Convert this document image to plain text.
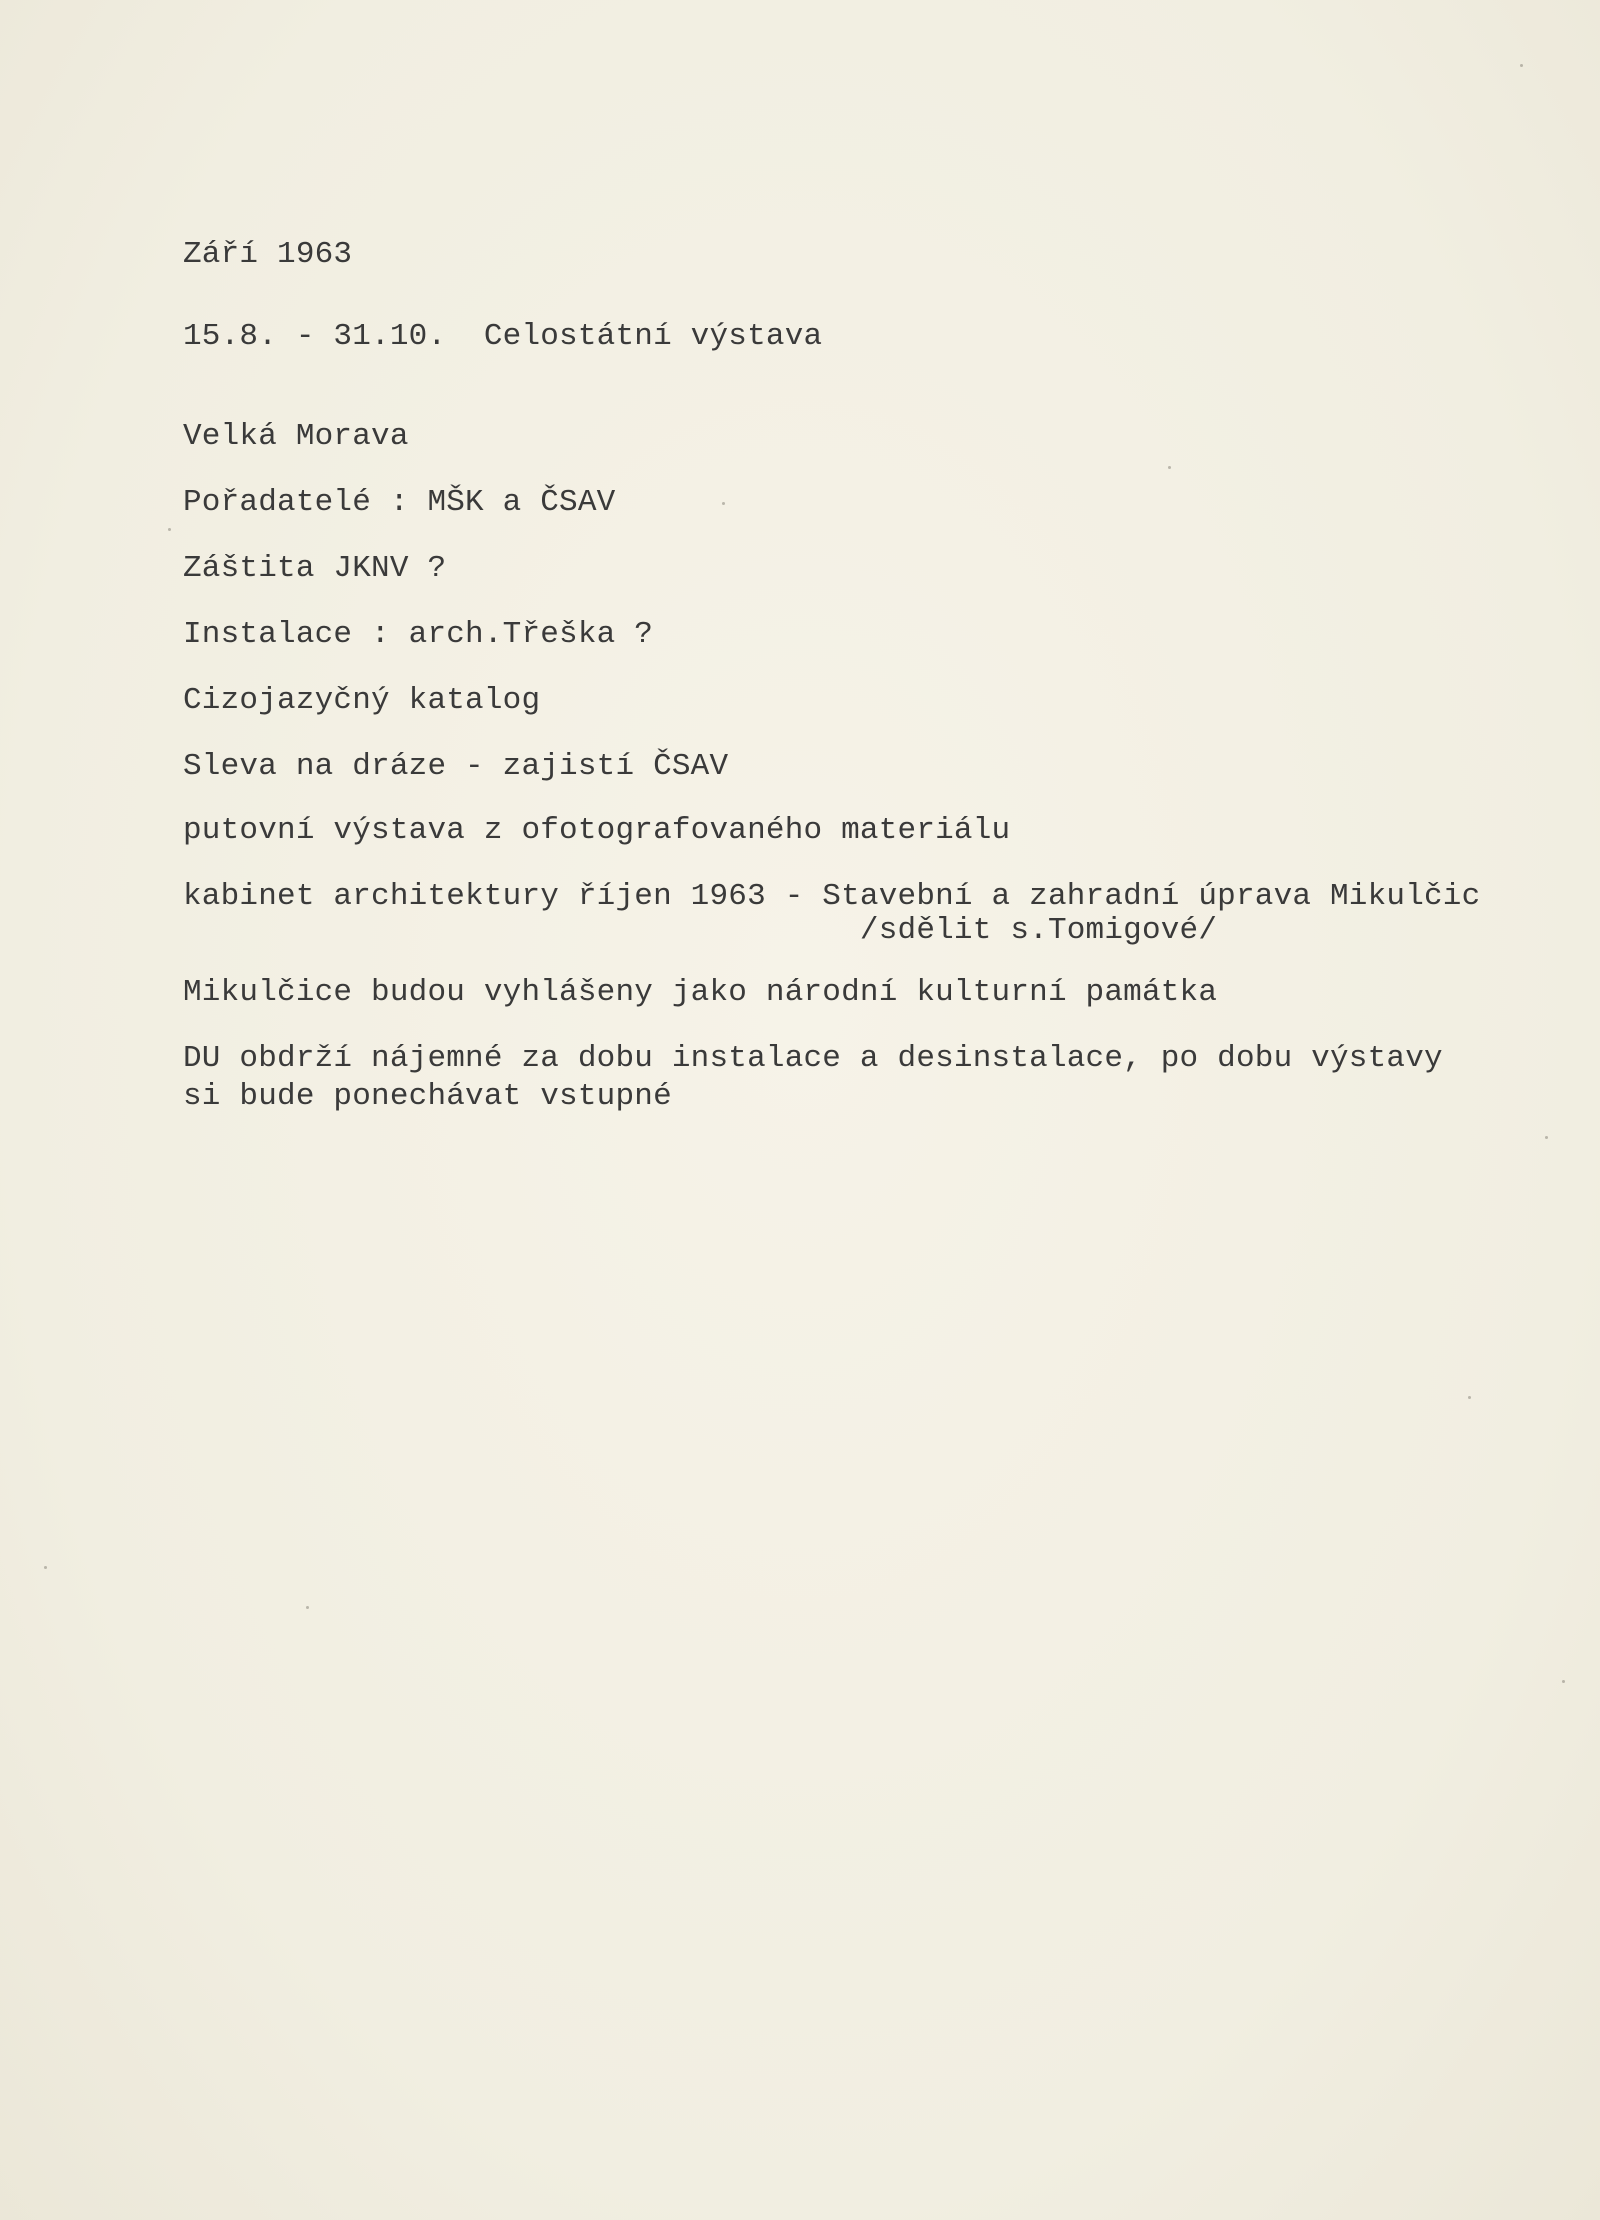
Září 1963

15.8. - 31.10.  Celostátní výstava

Velká Morava

Pořadatelé : MŠK a ČSAV

Záštita JKNV ?

Instalace : arch.Třeška ?

Cizojazyčný katalog

Sleva na dráze - zajistí ČSAV

putovní výstava z ofotografovaného materiálu

kabinet architektury říjen 1963 - Stavební a zahradní úprava Mikulčic

/sdělit s.Tomigové/

Mikulčice budou vyhlášeny jako národní kulturní památka

DU obdrží nájemné za dobu instalace a desinstalace, po dobu výstavy

si bude ponechávat vstupné
